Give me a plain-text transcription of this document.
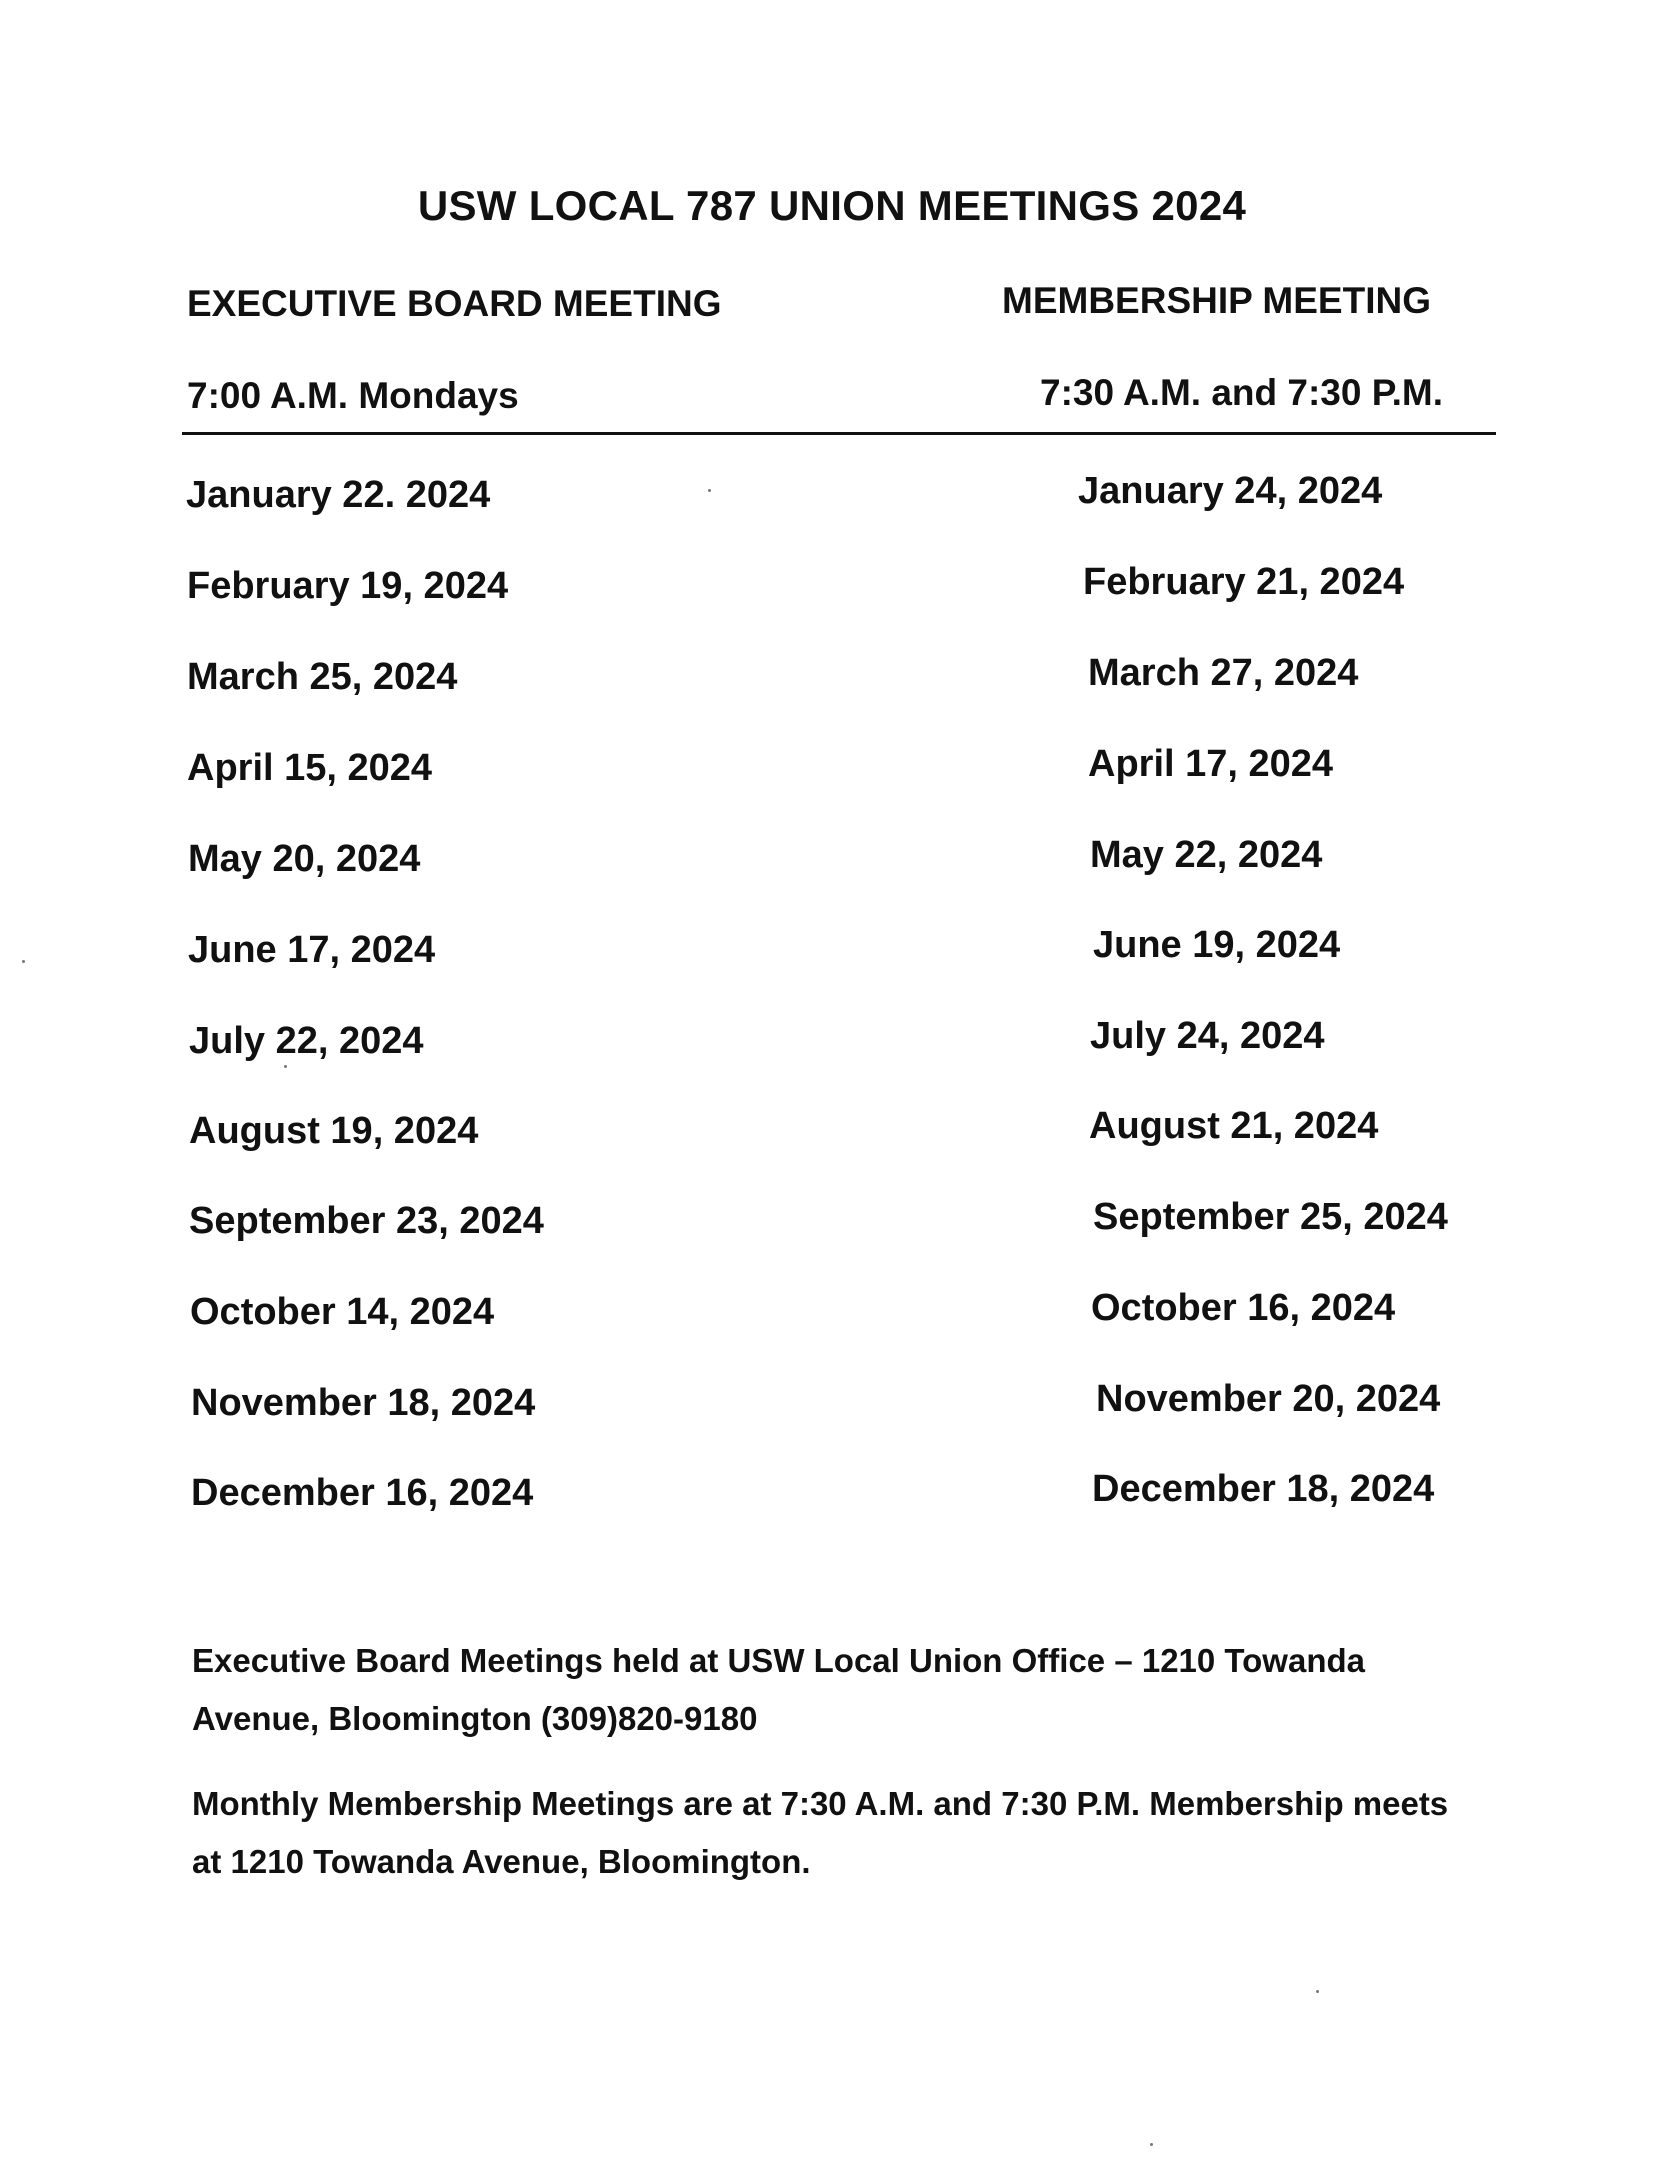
USW LOCAL 787 UNION MEETINGS 2024
EXECUTIVE BOARD MEETING	MEMBERSHIP MEETING
7:00 A.M. Mondays	7:30 A.M. and 7:30 P.M.
January 22. 2024
February 19, 2024
March 25, 2024
April 15, 2024
May 20, 2024
June 17, 2024
July 22, 2024
August 19, 2024
September 23, 2024
October 14, 2024
November 18, 2024
December 16, 2024
January 24, 2024
February 21, 2024
March 27, 2024
April 17, 2024
May 22, 2024
June 19, 2024
July 24, 2024
August 21, 2024
September 25, 2024
October 16, 2024
November 20, 2024
December 18, 2024
Executive Board Meetings held at USW Local Union Office – 1210 Towanda Avenue, Bloomington (309)820-9180
Monthly Membership Meetings are at 7:30 A.M. and 7:30 P.M. Membership meets at 1210 Towanda Avenue, Bloomington.
